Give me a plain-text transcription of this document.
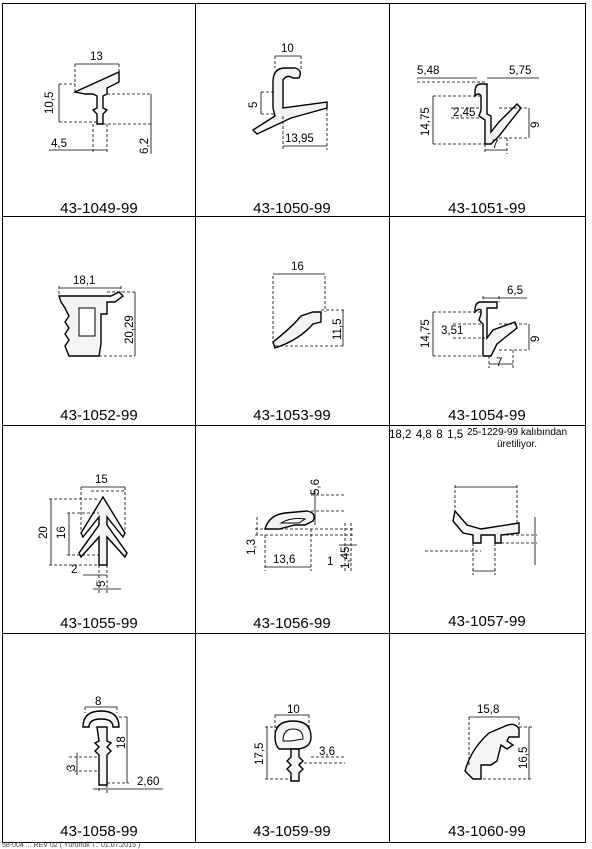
13
10,5
4,5	6,2
43-1049-99
10
5
13,95
43-1050-99
5,48	5,75
14,75 2,45
9
7
43-1051-99
18,1
20,29
43-1052-99
16
11,5
43-1053-99
6,5
14,75 3,51
9
7
43-1054-99
15
20 16
2
5
43-1055-99
5,6
1,3
13,6	1 1,45
43-1056-99
18,2 4,8 8 1,5 25-1229-99 kalıbından üretiliyor.
43-1057-99
8
18
3
2,60
43-1058-99
10
17,5	3,6
43-1059-99
15,8
16,5
43-1060-99
58-004 ... REV 02 ( Yürürlük T.: 01.07.2015 )
